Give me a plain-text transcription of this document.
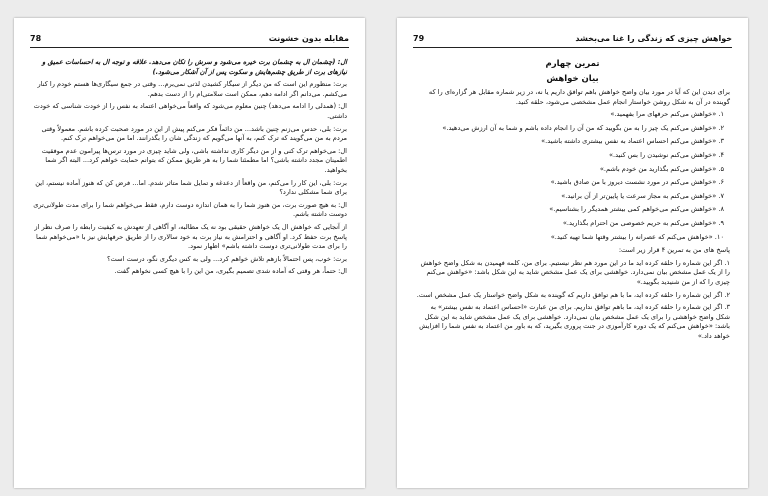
78	مقابله بدون خشونت

ال: (چشمان ال به چشمان برت خیره می‌شود و سرش را تکان می‌دهد. علاقه و توجه ال به احساسات عمیق و نیازهای برت از طریق چشم‌هایش و سکوت پس از آن آشکار می‌شود.)

برت: منظورم این است که من دیگر از سیگار کشیدن لذتی نمی‌برم... وقتی در جمع سیگاری‌ها هستم خودم را کنار می‌کشم. می‌دانم اگر ادامه دهم، ممکن است سلامتی‌ام را از دست بدهم.

ال: (همدلی را ادامه می‌دهد) چنین معلوم می‌شود که واقعاً می‌خواهی اعتماد به نفس را از خودت شناسی که خودت داشتی.

برت: بلی، حدس می‌زنم چنین باشد... من دائماً فکر می‌کنم پیش از این در مورد صحبت کرده باشم. معمولاً وقتی مردم به من می‌گویند که ترک کنم، به آنها می‌گویم که زندگی شان را بگذرانند. اما من می‌خواهم ترک کنم.

ال: می‌خواهم ترک کنی و از من دیگر کاری نداشته باشی، ولی شاید چیزی در مورد ترس‌ها پیرامون عدم موفقیت اطمینان مجدد داشته باشی؟ اما مطمئنا شما را به هر طریق ممکن که بتوانم حمایت خواهم کرد... البته اگر شما بخواهید.

برت: بلی، این کار را می‌کنم، من واقعاً از دعدغه و تمایل شما متاثر شدم. اما... فرض کن که هنوز آماده نیستم، این برای شما مشکلی ندارد؟

ال: به هیچ صورت برت، من هنوز شما را به همان اندازه دوست دارم، فقط می‌خواهم شما را برای مدت طولانی‌تری دوست داشته باشم.

از آنجایی که خواهش ال یک خواهش حقیقی بود نه یک مطالبه، او آگاهی از تعهدش به کیفیت رابطه را صرف نظر از پاسخ برت حفظ کرد. او آگاهی و احترامش به نیاز برت به خود سالاری را از طریق حرفهایش نیز با «می‌خواهم شما را برای مدت طولانی‌تری دوست داشته باشم» اظهار نمود.

برت: خوب، پس احتمالاً بازهم تلاش خواهم کرد... ولی به کس دیگری نگو، درست است؟

ال: حتماً، هر وقتی که آماده شدی تصمیم بگیری، من این را با هیچ کسی نخواهم گفت.

79	خواهش چیزی که زندگی را غنا می‌بخشد
تمرین چهارم
بیان خواهش

برای دیدن این که آیا در مورد بیان واضح خواهش باهم توافق داریم یا نه، در زیر شماره مقابل هر گزاره‌ای را که گوینده در آن به شکل روشن خواستار انجام عمل مشخصی می‌شود، حلقه کنید.

۱. «خواهش می‌کنم حرفهای مرا بفهمید.»
۲. «خواهش می‌کنم یک چیز را به من بگویید که من آن را انجام داده باشم و شما به آن ارزش می‌دهید.»
۳. «خواهش می‌کنم احساس اعتماد به نفس بیشتری داشته باشید.»
۴. «خواهش می‌کنم نوشیدن را بس کنید.»
۵. «خواهش می‌کنم بگذارید من خودم باشم.»
۶. «خواهش می‌کنم در مورد نشست دیروز با من صادق باشید.»
۷. «خواهش می‌کنم به مجاز سرعت یا پایین‌تر از آن برانید.»
۸. «خواهش می‌کنم می‌خواهم کمی بیشتر همدیگر را بشناسیم.»
۹. «خواهش می‌کنم به حریم خصوصی من احترام بگذارید.»
۱۰. «خواهش می‌کنم که عصرانه را بیشتر وقتها شما تهیه کنید.»

پاسخ های من به تمرین ۴ قرار زیر است:

۱. اگر این شماره را حلقه کرده اید ما در این مورد هم نظر نیستیم. برای من، کلمه فهمیدن به شکل واضح خواهش را از یک عمل مشخص بیان نمی‌دارد. خواهشی برای یک عمل مشخص شاید به این شکل باشد: «خواهش می‌کنم چیزی را که از من شنیدید بگویید.»

۲. اگر این شماره را حلقه کرده اید، ما با هم توافق داریم که گوینده به شکل واضح خواستار یک عمل مشخص است.

۳. اگر این شماره را حلقه کرده اید، ما باهم توافق نداریم. برای من عبارت «احساس اعتماد به نفس بیشتر» به شکل واضح خواهشی را برای یک عمل مشخص بیان نمی‌دارد. خواهشی برای یک عمل مشخص شاید به این شکل باشد: «خواهش می‌کنم که یک دوره کارآموزی در جنت پروری بگیرید، که به باور من اعتماد به نفس شما را افزایش خواهد داد.»
